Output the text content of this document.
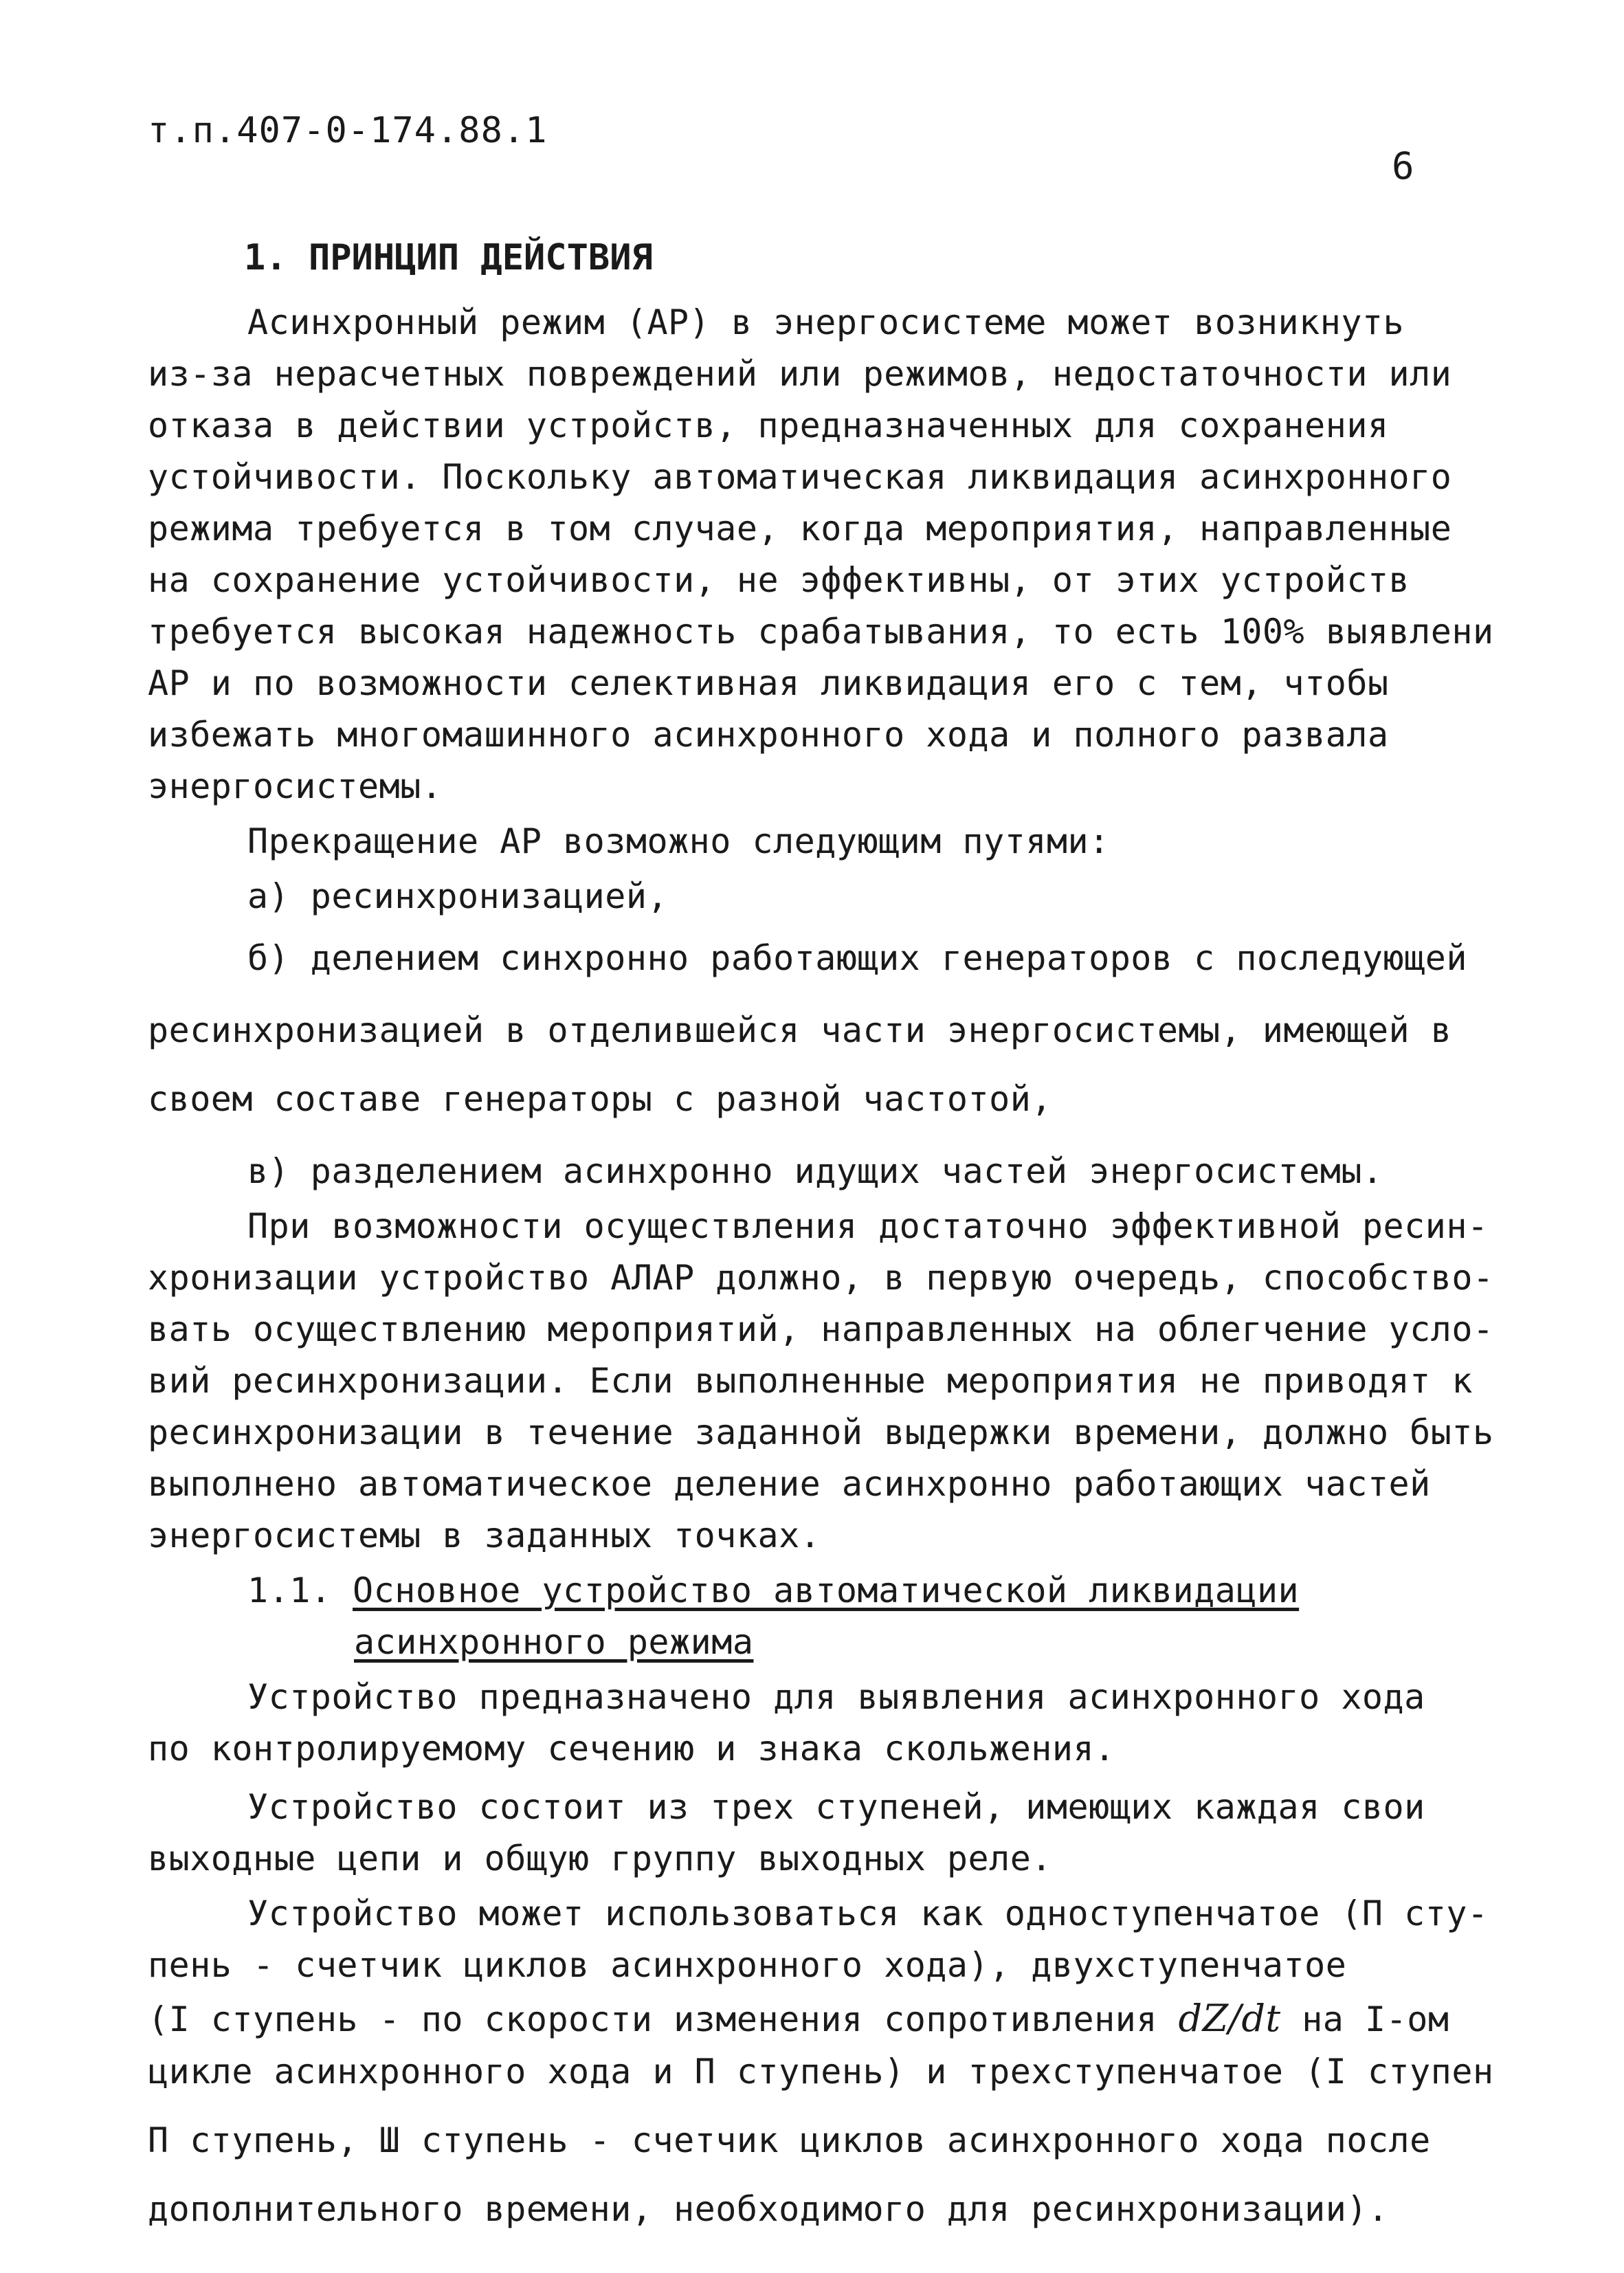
т.п.407-0-174.88.1
6
1. ПРИНЦИП ДЕЙСТВИЯ
Асинхронный режим (АР) в энергосистеме может возникнуть
из-за нерасчетных повреждений или режимов, недостаточности или
отказа в действии устройств, предназначенных для сохранения
устойчивости. Поскольку автоматическая ликвидация асинхронного
режима требуется в том случае, когда мероприятия, направленные
на сохранение устойчивости, не эффективны, от этих устройств
требуется высокая надежность срабатывания, то есть 100% выявлени
АР и по возможности селективная ликвидация его с тем, чтобы
избежать многомашинного асинхронного хода и полного развала
энергосистемы.
Прекращение АР возможно следующим путями:
а) ресинхронизацией,
б) делением синхронно работающих генераторов с последующей
ресинхронизацией в отделившейся части энергосистемы, имеющей в
своем составе генераторы с разной частотой,
в) разделением асинхронно идущих частей энергосистемы.
При возможности осуществления достаточно эффективной ресин-
хронизации устройство АЛАР должно, в первую очередь, способство-
вать осуществлению мероприятий, направленных на облегчение усло-
вий ресинхронизации. Если выполненные мероприятия не приводят к
ресинхронизации в течение заданной выдержки времени, должно быть
выполнено автоматическое деление асинхронно работающих частей
энергосистемы в заданных точках.
1.1. Основное устройство автоматической ликвидации
асинхронного режима
Устройство предназначено для выявления асинхронного хода
по контролируемому сечению и знака скольжения.
Устройство состоит из трех ступеней, имеющих каждая свои
выходные цепи и общую группу выходных реле.
Устройство может использоваться как одноступенчатое (П сту-
пень - счетчик циклов асинхронного хода), двухступенчатое
(I ступень - по скорости изменения сопротивления dZ/dt на I-ом
цикле асинхронного хода и П ступень) и трехступенчатое (I ступен
П ступень, Ш ступень - счетчик циклов асинхронного хода после
дополнительного времени, необходимого для ресинхронизации).
